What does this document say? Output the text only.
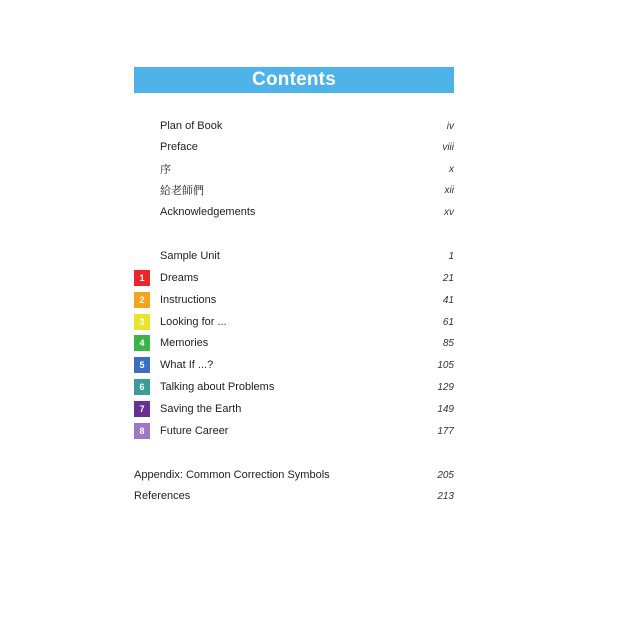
Contents
Plan of Book	iv
Preface	viii
序	x
給老師們	xii
Acknowledgements	xv
Sample Unit	1
1	Dreams	21
2	Instructions	41
3	Looking for ...	61
4	Memories	85
5	What If ...?	105
6	Talking about Problems	129
7	Saving the Earth	149
8	Future Career	177
Appendix: Common Correction Symbols	205
References	213
